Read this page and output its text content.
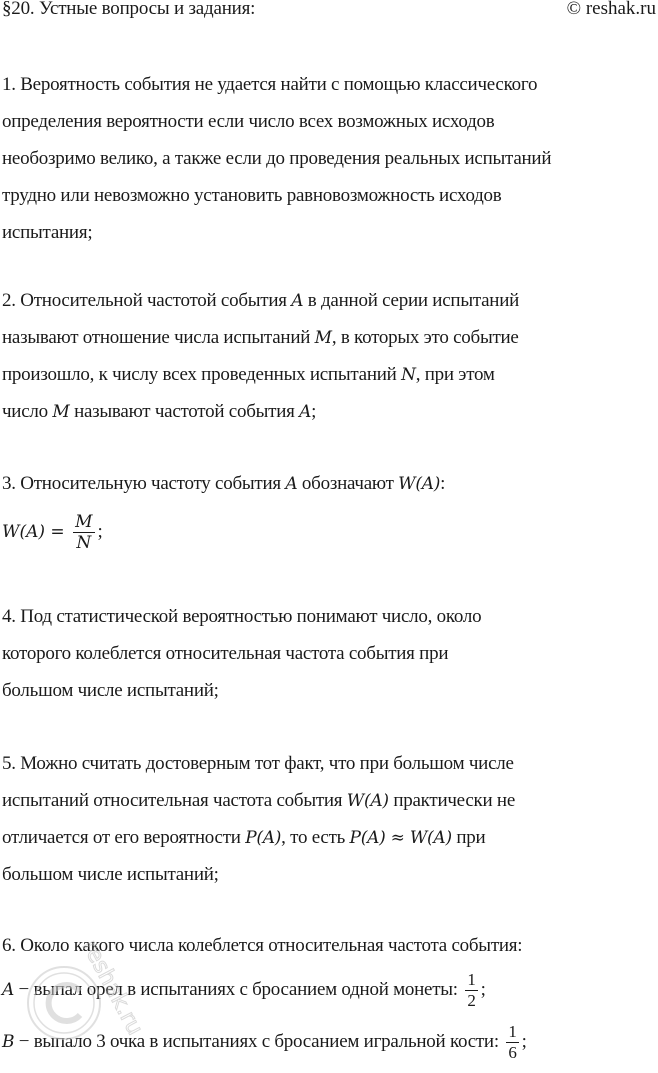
§20. Устные вопросы и задания:	© reshak.ru
1. Вероятность события не удается найти с помощью классического
определения вероятности если число всех возможных исходов
необозримо велико, а также если до проведения реальных испытаний
трудно или невозможно установить равновозможность исходов
испытания;
2. Относительной частотой события A в данной серии испытаний
называют отношение числа испытаний M, в которых это событие
произошло, к числу всех проведенных испытаний N, при этом
число M называют частотой события A;
3. Относительную частоту события A обозначают W(A):
$W(A) = \frac{M}{N}$ ;
4. Под статистической вероятностью понимают число, около
которого колеблется относительная частота события при
большом числе испытаний;
5. Можно считать достоверным тот факт, что при большом числе
испытаний относительная частота события W(A) практически не
отличается от его вероятности P(A), то есть P(A) ≈ W(A) при
большом числе испытаний;
6. Около какого числа колеблется относительная частота события:
A − выпал орел в испытаниях с бросанием одной монеты: $\frac{1}{2}$ ;
B − выпало 3 очка в испытаниях с бросанием игральной кости: $\frac{1}{6}$ ;
reshak.ru
